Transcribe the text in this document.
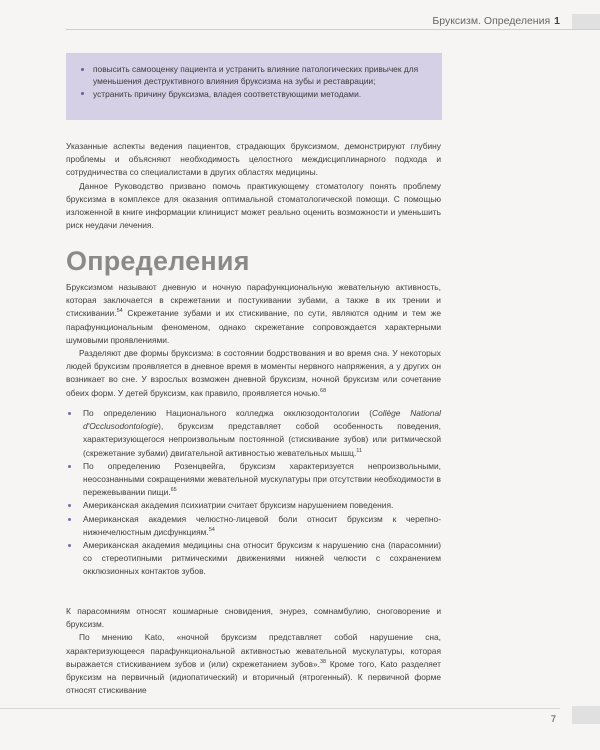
Бруксизм. Определения 1
повысить самооценку пациента и устранить влияние патологических привычек для уменьшения деструктивного влияния бруксизма на зубы и реставрации;
устранить причину бруксизма, владея соответствующими методами.

Указанные аспекты ведения пациентов, страдающих бруксизмом, демонстрируют глубину проблемы и объясняют необходимость целостного междисциплинарного подхода и сотрудничества со специалистами в других областях медицины.

Данное Руководство призвано помочь практикующему стоматологу понять проблему бруксизма в комплексе для оказания оптимальной стоматологической помощи. С помощью изложенной в книге информации клиницист может реально оценить возможности и уменьшить риск неудачи лечения.

Определения

Бруксизмом называют дневную и ночную парафункциональную жевательную активность, которая заключается в скрежетании и постукивании зубами, а также в их трении и стискивании.$^{54}$ Скрежетание зубами и их стискивание, по сути, являются одним и тем же парафункциональным феноменом, однако скрежетание сопровождается характерными шумовыми проявлениями.

Разделяют две формы бруксизма: в состоянии бодрствования и во время сна. У некоторых людей бруксизм проявляется в дневное время в моменты нервного напряжения, а у других он возникает во сне. У взрослых возможен дневной бруксизм, ночной бруксизм или сочетание обеих форм. У детей бруксизм, как правило, проявляется ночью.$^{68}$

По определению Национального колледжа окклюзодонтологии (Collège National d'Occlusodontologie), бруксизм представляет собой особенность поведения, характеризующегося непроизвольным постоянной (стискивание зубов) или ритмической (скрежетание зубами) двигательной активностью жевательных мышц.$^{11}$
По определению Розенцвейга, бруксизм характеризуется непроизвольными, неосознанными сокращениями жевательной мускулатуры при отсутствии необходимости в пережевывании пищи.$^{65}$
Американская академия психиатрии считает бруксизм нарушением поведения.
Американская академия челюстно-лицевой боли относит бруксизм к черепно-нижнечелюстным дисфункциям.$^{54}$
Американская академия медицины сна относит бруксизм к нарушению сна (парасомнии) со стереотипными ритмическими движениями нижней челюсти с сохранением окклюзионных контактов зубов.

К парасомниям относят кошмарные сновидения, энурез, сомнамбулию, сноговорение и бруксизм.

По мнению Kato, «ночной бруксизм представляет собой нарушение сна, характеризующееся парафункциональной активностью жевательной мускулатуры, которая выражается стискиванием зубов и (или) скрежетанием зубов».$^{38}$ Кроме того, Kato разделяет бруксизм на первичный (идиопатический) и вторичный (ятрогенный). К первичной форме относят стискивание

7
